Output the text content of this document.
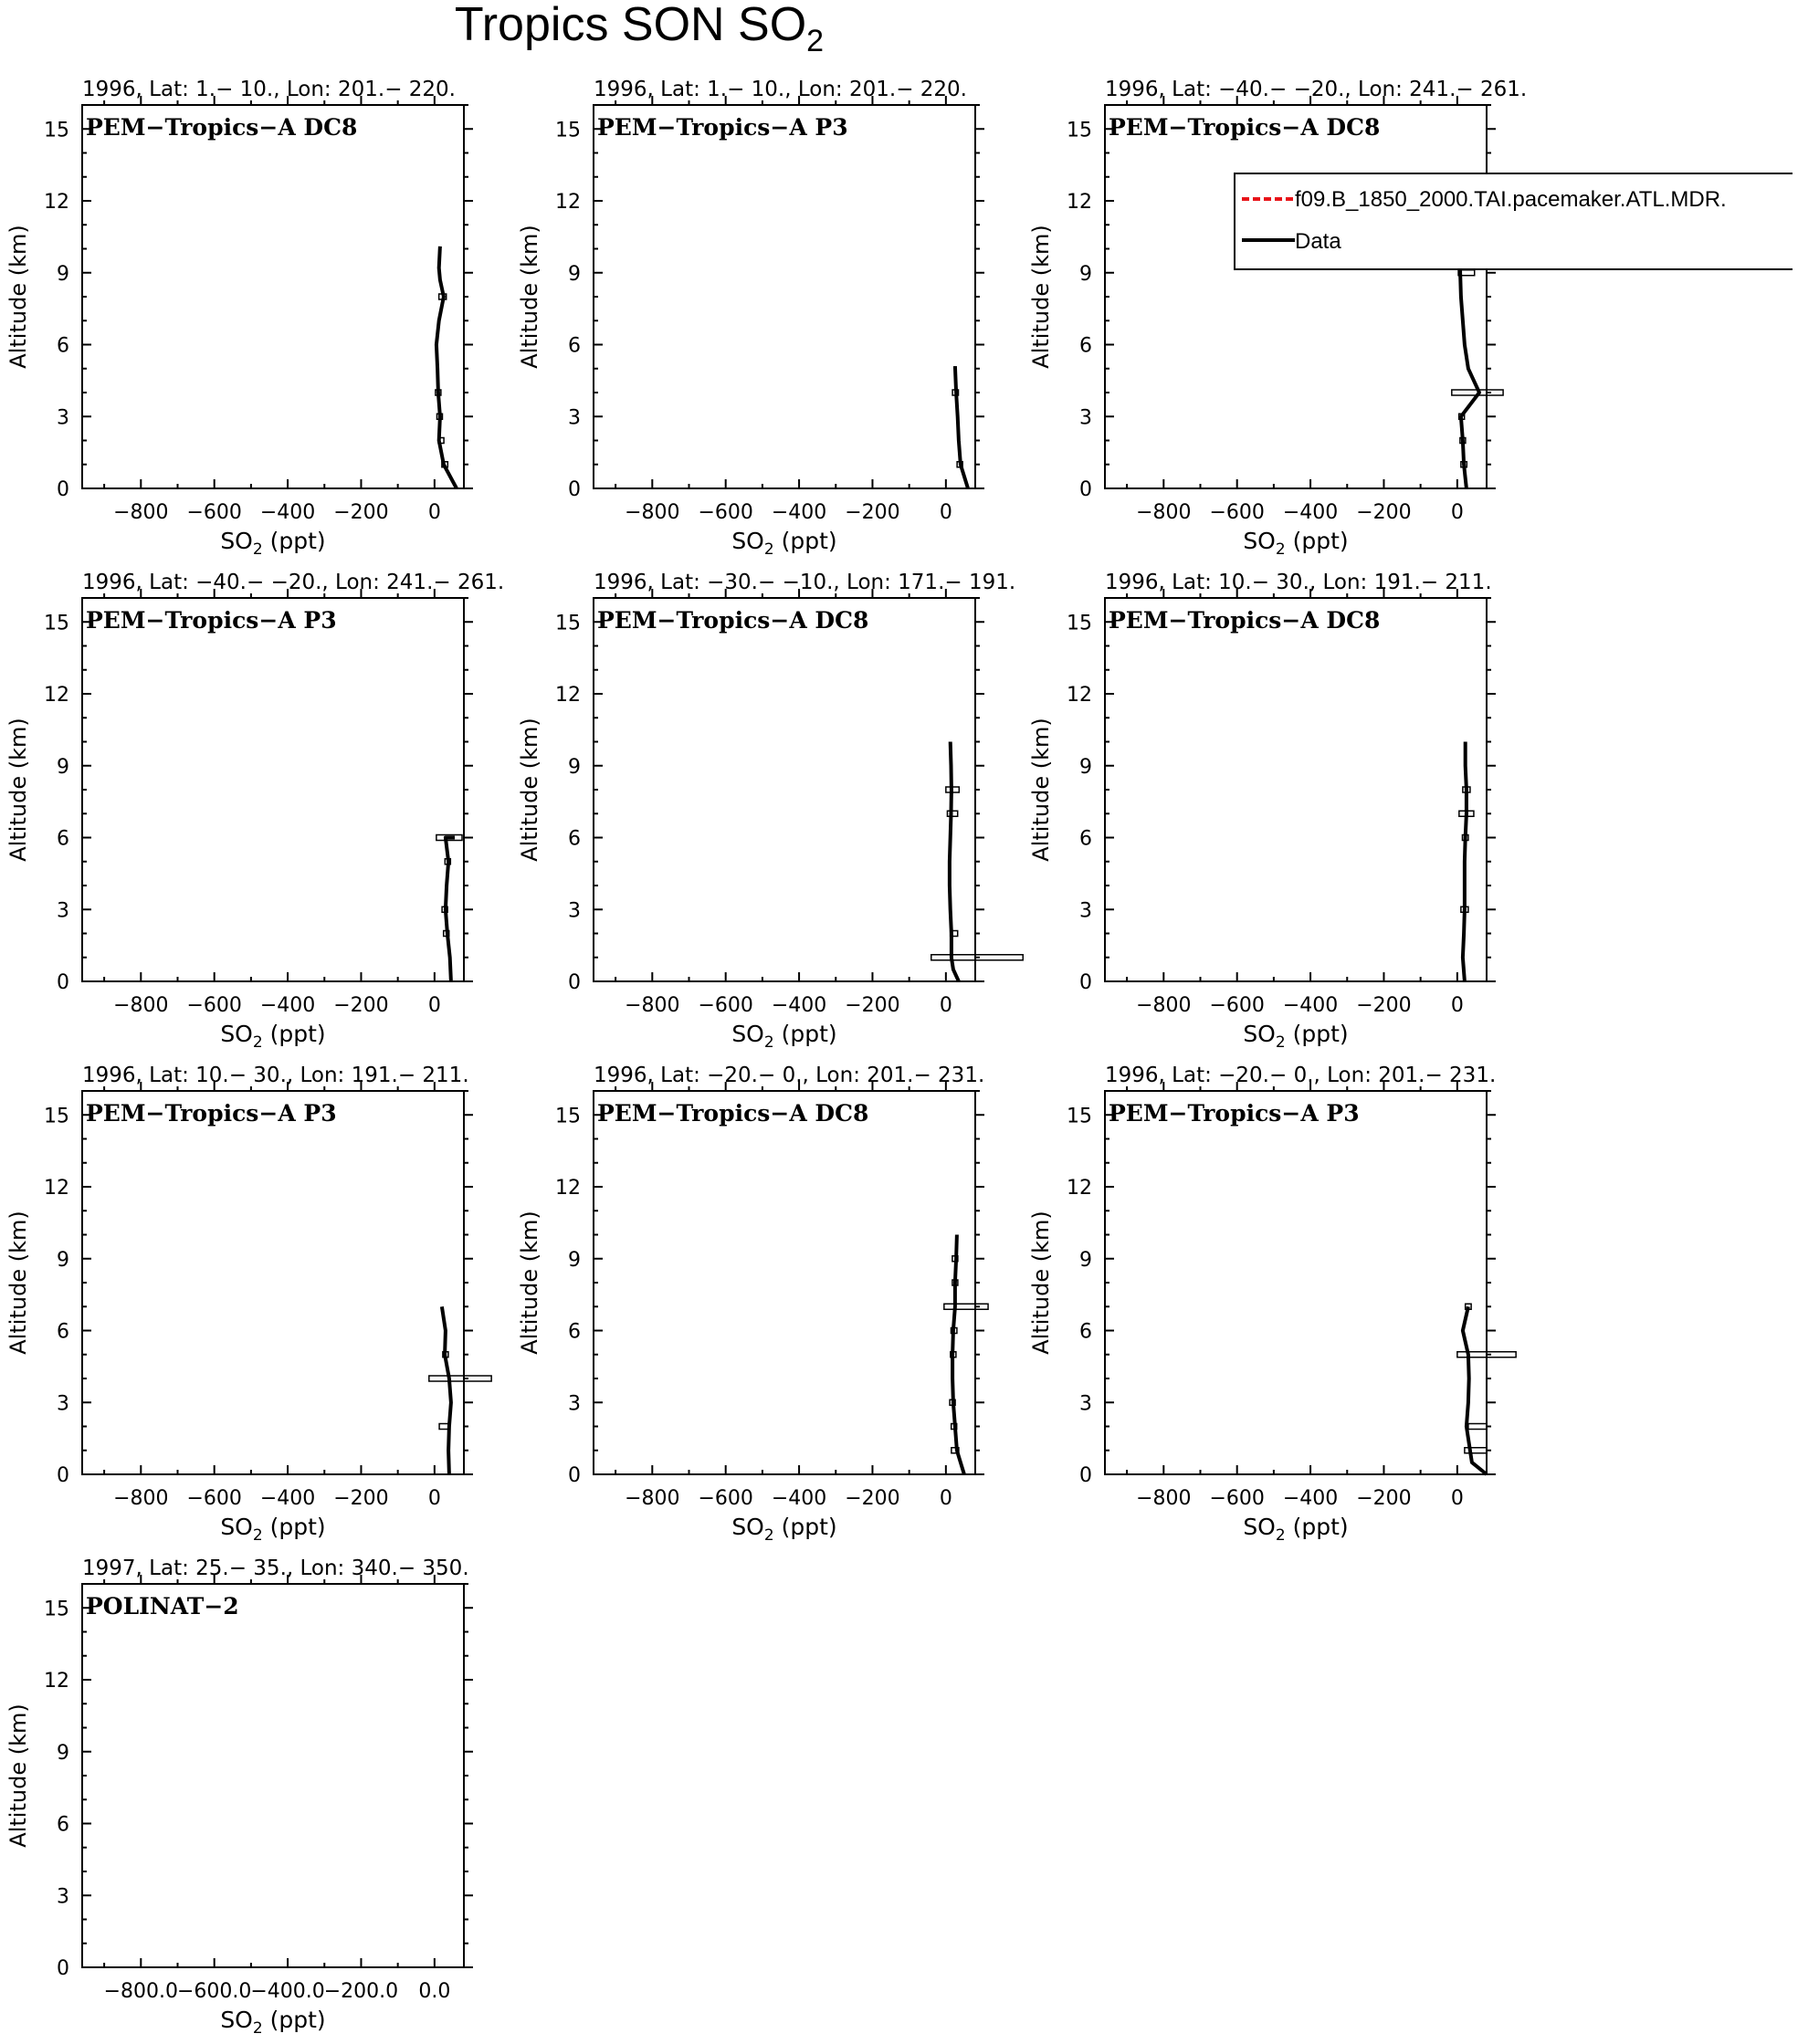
Tropics SON $SO_2$
1996, Lat: 1.− 10., Lon: 201.− 220.
0
3
6
9
12
15
−800 −600 −400 −200 0
$SO_2$ (ppt)
Altitude (km)
PEM−Tropics−A DC8
1996, Lat: 1.− 10., Lon: 201.− 220.
0
3
6
9
12
15
−800 −600 −400 −200 0
$SO_2$ (ppt)
Altitude (km)
PEM−Tropics−A P3
1996, Lat: −40.− −20., Lon: 241.− 261.
0
3
6
9
12
15
−800 −600 −400 −200 0
$SO_2$ (ppt)
Altitude (km)
PEM−Tropics−A DC8
1996, Lat: −40.− −20., Lon: 241.− 261.
0
3
6
9
12
15
−800 −600 −400 −200 0
$SO_2$ (ppt)
Altitude (km)
PEM−Tropics−A P3
1996, Lat: −30.− −10., Lon: 171.− 191.
0
3
6
9
12
15
−800 −600 −400 −200 0
$SO_2$ (ppt)
Altitude (km)
PEM−Tropics−A DC8
1996, Lat: 10.− 30., Lon: 191.− 211.
0
3
6
9
12
15
−800 −600 −400 −200 0
$SO_2$ (ppt)
Altitude (km)
PEM−Tropics−A DC8
1996, Lat: 10.− 30., Lon: 191.− 211.
0
3
6
9
12
15
−800 −600 −400 −200 0
$SO_2$ (ppt)
Altitude (km)
PEM−Tropics−A P3
1996, Lat: −20.− 0., Lon: 201.− 231.
0
3
6
9
12
15
−800 −600 −400 −200 0
$SO_2$ (ppt)
Altitude (km)
PEM−Tropics−A DC8
1996, Lat: −20.− 0., Lon: 201.− 231.
0
3
6
9
12
15
−800 −600 −400 −200 0
$SO_2$ (ppt)
Altitude (km)
PEM−Tropics−A P3
1997, Lat: 25.− 35., Lon: 340.− 350.
0
3
6
9
12
15
−800.0
−600.0
−400.0
−200.0 0.0
$SO_2$ (ppt)
Altitude (km)
POLINAT−2
f09.B_1850_2000.TAI.pacemaker.ATL.MDR.
Data
